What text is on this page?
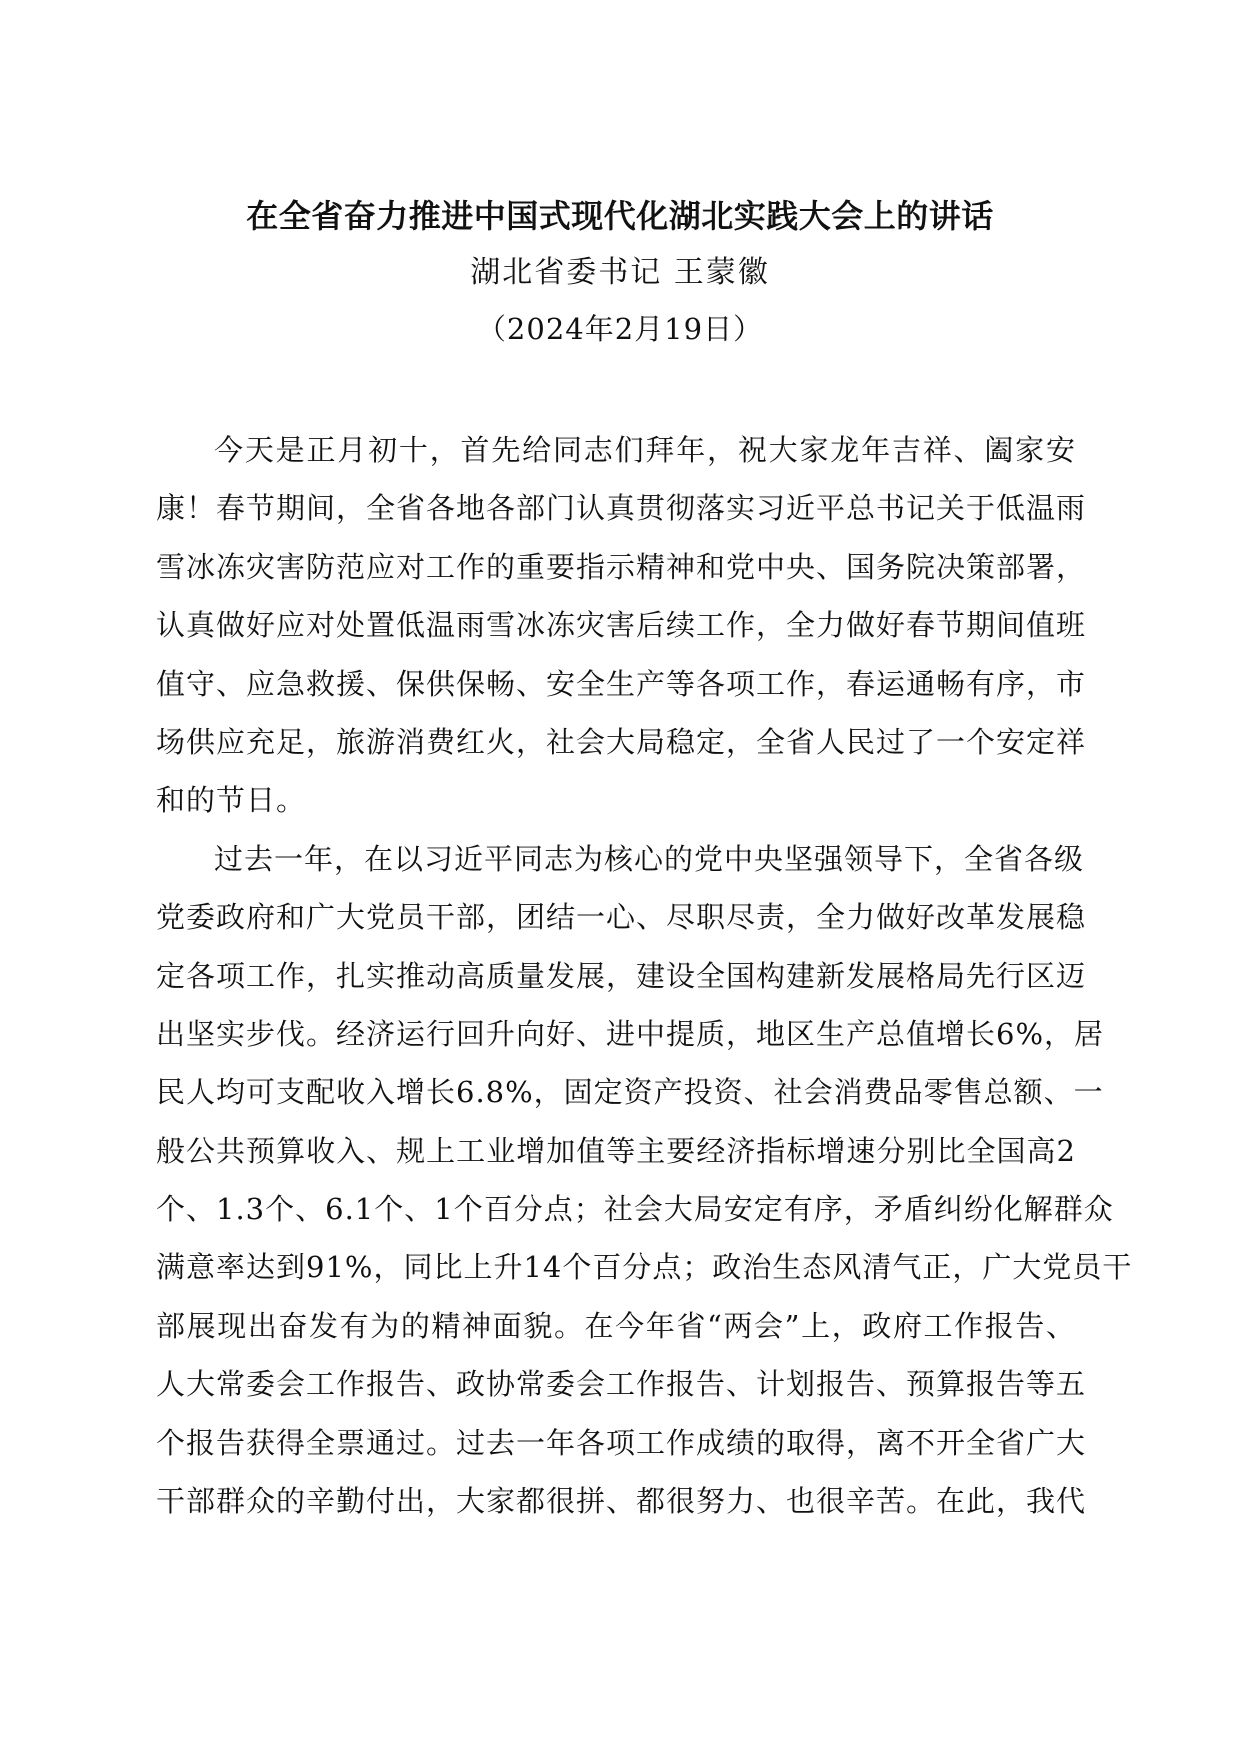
在全省奋力推进中国式现代化湖北实践大会上的讲话
湖北省委书记 王蒙徽
（2024年2月19日）
今天是正月初十，首先给同志们拜年，祝大家龙年吉祥、阖家安
康！春节期间，全省各地各部门认真贯彻落实习近平总书记关于低温雨
雪冰冻灾害防范应对工作的重要指示精神和党中央、国务院决策部署，
认真做好应对处置低温雨雪冰冻灾害后续工作，全力做好春节期间值班
值守、应急救援、保供保畅、安全生产等各项工作，春运通畅有序，市
场供应充足，旅游消费红火，社会大局稳定，全省人民过了一个安定祥
和的节日。
过去一年，在以习近平同志为核心的党中央坚强领导下，全省各级
党委政府和广大党员干部，团结一心、尽职尽责，全力做好改革发展稳
定各项工作，扎实推动高质量发展，建设全国构建新发展格局先行区迈
出坚实步伐。经济运行回升向好、进中提质，地区生产总值增长6%，居
民人均可支配收入增长6.8%，固定资产投资、社会消费品零售总额、一
般公共预算收入、规上工业增加值等主要经济指标增速分别比全国高2
个、1.3个、6.1个、1个百分点；社会大局安定有序，矛盾纠纷化解群众
满意率达到91%，同比上升14个百分点；政治生态风清气正，广大党员干
部展现出奋发有为的精神面貌。在今年省“两会”上，政府工作报告、
人大常委会工作报告、政协常委会工作报告、计划报告、预算报告等五
个报告获得全票通过。过去一年各项工作成绩的取得，离不开全省广大
干部群众的辛勤付出，大家都很拼、都很努力、也很辛苦。在此，我代
